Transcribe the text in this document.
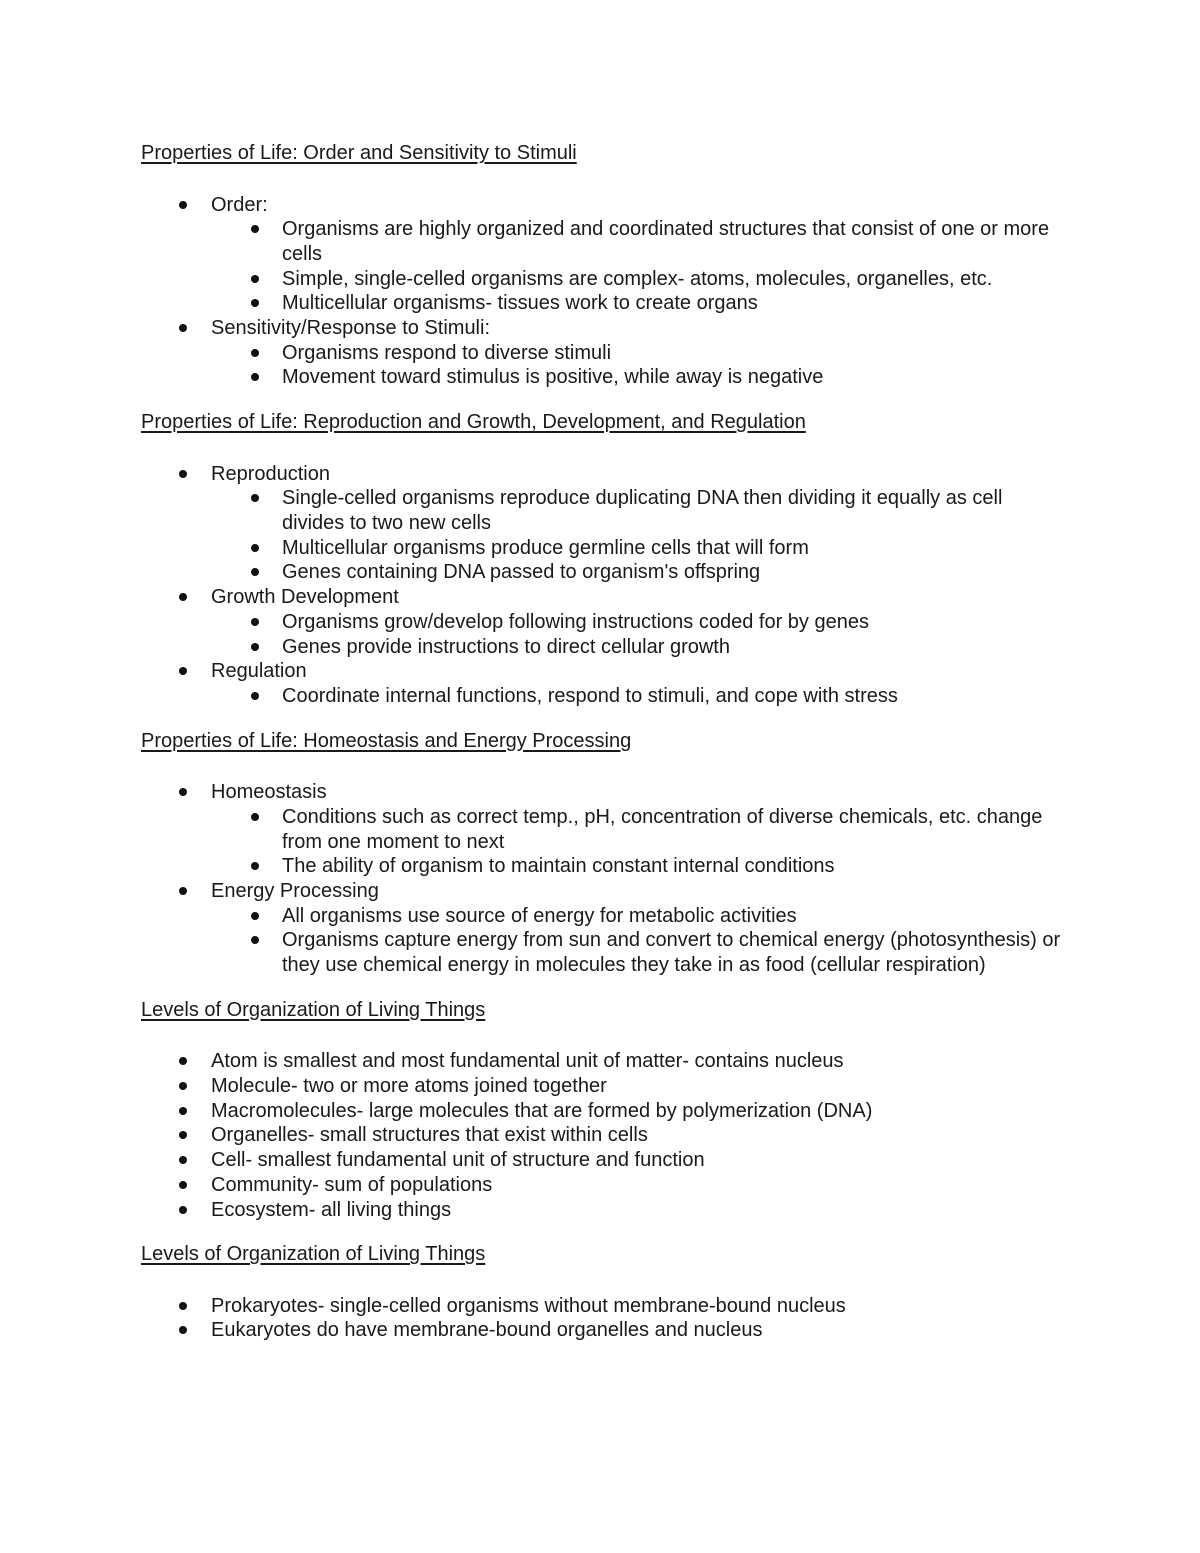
Properties of Life: Order and Sensitivity to Stimuli
Order:
Organisms are highly organized and coordinated structures that consist of one or more cells
Simple, single-celled organisms are complex- atoms, molecules, organelles, etc.
Multicellular organisms- tissues work to create organs
Sensitivity/Response to Stimuli:
Organisms respond to diverse stimuli
Movement toward stimulus is positive, while away is negative
Properties of Life: Reproduction and Growth, Development, and Regulation
Reproduction
Single-celled organisms reproduce duplicating DNA then dividing it equally as cell divides to two new cells
Multicellular organisms produce germline cells that will form
Genes containing DNA passed to organism's offspring
Growth Development
Organisms grow/develop following instructions coded for by genes
Genes provide instructions to direct cellular growth
Regulation
Coordinate internal functions, respond to stimuli, and cope with stress
Properties of Life: Homeostasis and Energy Processing
Homeostasis
Conditions such as correct temp., pH, concentration of diverse chemicals, etc. change from one moment to next
The ability of organism to maintain constant internal conditions
Energy Processing
All organisms use source of energy for metabolic activities
Organisms capture energy from sun and convert to chemical energy (photosynthesis) or they use chemical energy in molecules they take in as food (cellular respiration)
Levels of Organization of Living Things
Atom is smallest and most fundamental unit of matter- contains nucleus
Molecule- two or more atoms joined together
Macromolecules- large molecules that are formed by polymerization (DNA)
Organelles- small structures that exist within cells
Cell- smallest fundamental unit of structure and function
Community- sum of populations
Ecosystem- all living things
Levels of Organization of Living Things
Prokaryotes- single-celled organisms without membrane-bound nucleus
Eukaryotes do have membrane-bound organelles and nucleus
